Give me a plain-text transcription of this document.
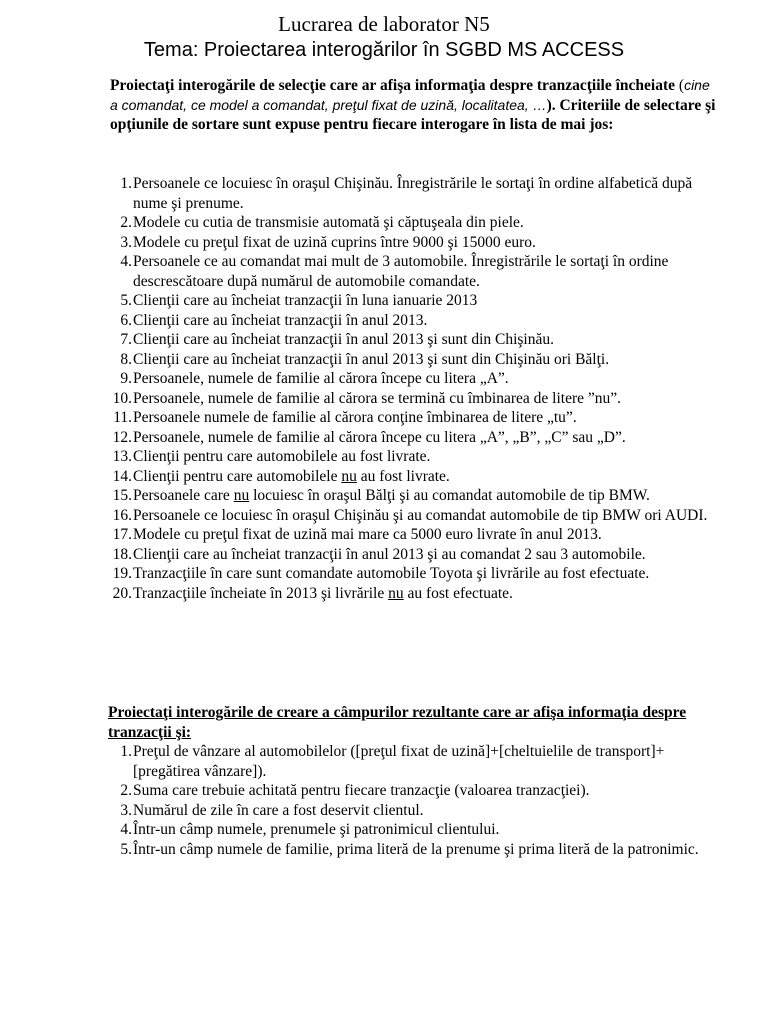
Lucrarea de laborator N5
Tema: Proiectarea interogărilor în SGBD MS ACCESS
Proiectaţi interogările de selecţie care ar afişa informaţia despre tranzacţiile încheiate (cine a comandat, ce model a comandat, preţul fixat de uzină, localitatea, …). Criteriile de selectare şi opţiunile de sortare sunt expuse pentru fiecare interogare în lista de mai jos:
1. Persoanele ce locuiesc în oraşul Chişinău. Înregistrările le sortaţi în ordine alfabetică după nume şi prenume.
2. Modele cu cutia de transmisie automată şi căptuşeala din piele.
3. Modele cu preţul fixat de uzină cuprins între 9000 şi 15000 euro.
4. Persoanele ce au comandat mai mult de 3 automobile. Înregistrările le sortaţi în ordine descrescătoare după numărul de automobile comandate.
5. Clienţii care au încheiat tranzacţii în luna ianuarie 2013
6. Clienţii care au încheiat tranzacţii în anul 2013.
7. Clienţii care au încheiat tranzacţii în anul 2013 şi sunt din Chişinău.
8. Clienţii care au încheiat tranzacţii în anul 2013 şi sunt din Chişinău ori Bălţi.
9. Persoanele, numele de familie al cărora începe cu litera „A”.
10. Persoanele, numele de familie al cărora se termină cu îmbinarea de litere ”nu”.
11. Persoanele numele de familie al cărora conţine îmbinarea de litere „tu”.
12. Persoanele, numele de familie al cărora începe cu litera „A”, „B”, „C” sau „D”.
13. Clienţii pentru care automobilele au fost livrate.
14. Clienţii pentru care automobilele nu au fost livrate.
15. Persoanele care nu locuiesc în oraşul Bălţi şi au comandat automobile de tip BMW.
16. Persoanele ce locuiesc în oraşul Chişinău şi au comandat automobile de tip BMW ori AUDI.
17. Modele cu preţul fixat de uzină mai mare ca 5000 euro livrate în anul 2013.
18. Clienţii care au încheiat tranzacţii în anul 2013 şi au comandat 2 sau 3 automobile.
19. Tranzacţiile în care sunt comandate automobile Toyota şi livrările au fost efectuate.
20. Tranzacţiile încheiate în 2013 şi livrările nu au fost efectuate.
Proiectaţi interogările de creare a câmpurilor rezultante care ar afişa informaţia despre tranzacţii şi:
1. Preţul de vânzare al automobilelor ([preţul fixat de uzină]+[cheltuielile de transport]+[pregătirea vânzare]).
2. Suma care trebuie achitată pentru fiecare tranzacţie (valoarea tranzacţiei).
3. Numărul de zile în care a fost deservit clientul.
4. Într-un câmp numele, prenumele şi patronimicul clientului.
5. Într-un câmp numele de familie, prima literă de la prenume şi prima literă de la patronimic.
